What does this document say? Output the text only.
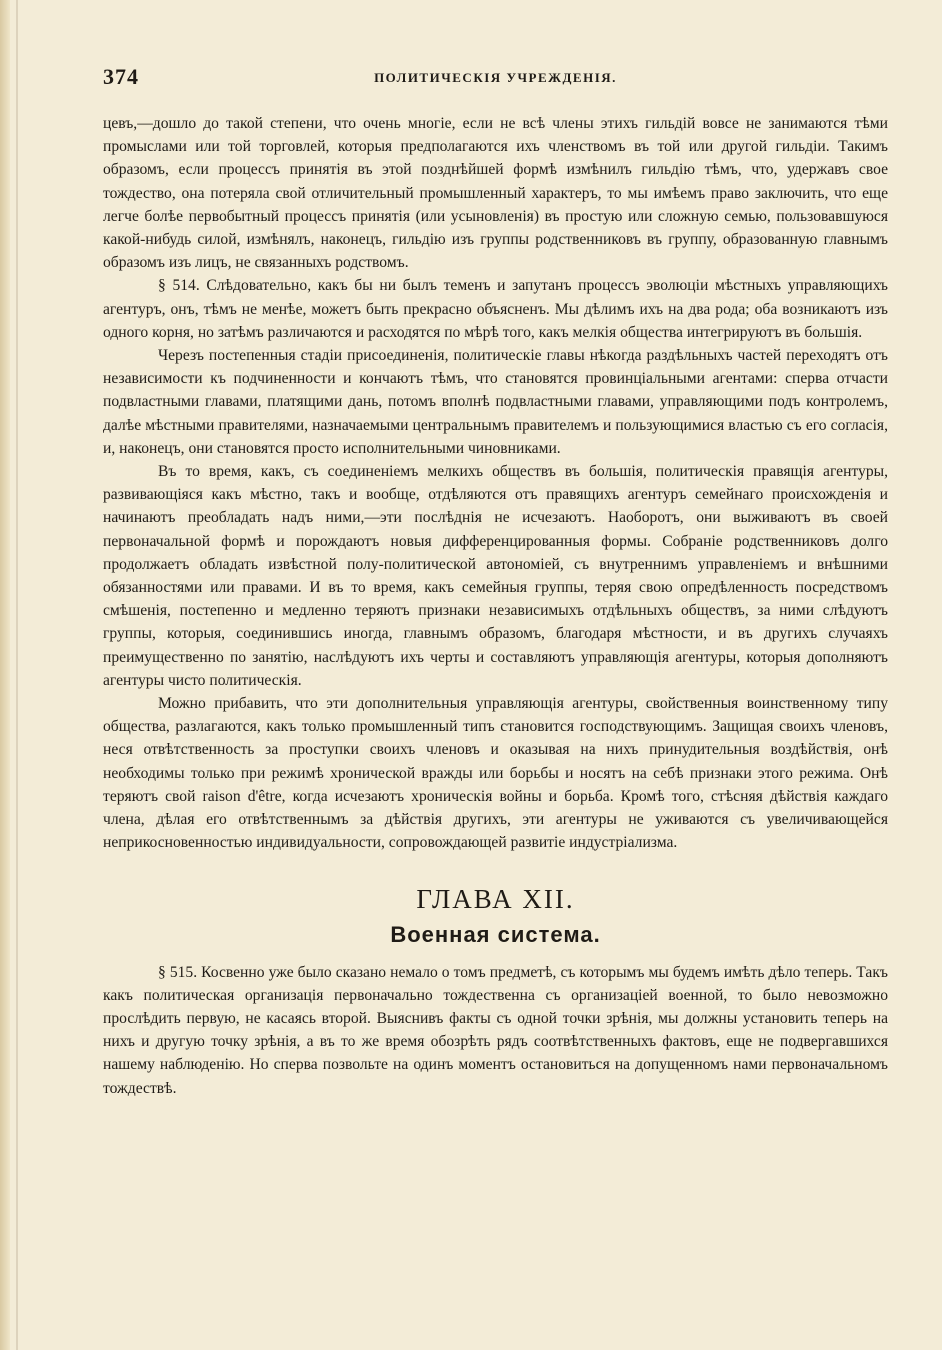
374	ПОЛИТИЧЕСКІЯ УЧРЕЖДЕНІЯ.

цевъ,—дошло до такой степени, что очень многіе, если не всѣ члены этихъ гильдій вовсе не занимаются тѣми промыслами или той торговлей, которыя предполагаются ихъ членствомъ въ той или другой гильдіи. Такимъ образомъ, если процессъ принятія въ этой позднѣйшей формѣ измѣнилъ гильдію тѣмъ, что, удержавъ свое тождество, она потеряла свой отличительный промышленный характеръ, то мы имѣемъ право заключить, что еще легче болѣе первобытный процессъ принятія (или усыновленія) въ простую или сложную семью, пользовавшуюся какой-нибудь силой, измѣнялъ, наконецъ, гильдію изъ группы родственниковъ въ группу, образованную главнымъ образомъ изъ лицъ, не связанныхъ родствомъ.

§ 514. Слѣдовательно, какъ бы ни былъ теменъ и запутанъ процессъ эволюціи мѣстныхъ управляющихъ агентуръ, онъ, тѣмъ не менѣе, можетъ быть прекрасно объясненъ. Мы дѣлимъ ихъ на два рода; оба возникаютъ изъ одного корня, но затѣмъ различаются и расходятся по мѣрѣ того, какъ мелкія общества интегрируютъ въ большія.

Черезъ постепенныя стадіи присоединенія, политическіе главы нѣкогда раздѣльныхъ частей переходятъ отъ независимости къ подчиненности и кончаютъ тѣмъ, что становятся провинціальными агентами: сперва отчасти подвластными главами, платящими дань, потомъ вполнѣ подвластными главами, управляющими подъ контролемъ, далѣе мѣстными правителями, назначаемыми центральнымъ правителемъ и пользующимися властью съ его согласія, и, наконецъ, они становятся просто исполнительными чиновниками.

Въ то время, какъ, съ соединеніемъ мелкихъ обществъ въ большія, политическія правящія агентуры, развивающіяся какъ мѣстно, такъ и вообще, отдѣляются отъ правящихъ агентуръ семейнаго происхожденія и начинаютъ преобладать надъ ними,—эти послѣднія не исчезаютъ. Наоборотъ, они выживаютъ въ своей первоначальной формѣ и порождаютъ новыя дифференцированныя формы. Собраніе родственниковъ долго продолжаетъ обладать извѣстной полу-политической автономіей, съ внутреннимъ управленіемъ и внѣшними обязанностями или правами. И въ то время, какъ семейныя группы, теряя свою опредѣленность посредствомъ смѣшенія, постепенно и медленно теряютъ признаки независимыхъ отдѣльныхъ обществъ, за ними слѣдуютъ группы, которыя, соединившись иногда, главнымъ образомъ, благодаря мѣстности, и въ другихъ случаяхъ преимущественно по занятію, наслѣдуютъ ихъ черты и составляютъ управляющія агентуры, которыя дополняютъ агентуры чисто политическія.

Можно прибавить, что эти дополнительныя управляющія агентуры, свойственныя воинственному типу общества, разлагаются, какъ только промышленный типъ становится господствующимъ. Защищая своихъ членовъ, неся отвѣтственность за проступки своихъ членовъ и оказывая на нихъ принудительныя воздѣйствія, онѣ необходимы только при режимѣ хронической вражды или борьбы и носятъ на себѣ признаки этого режима. Онѣ теряютъ свой raison d'être, когда исчезаютъ хроническія войны и борьба. Кромѣ того, стѣсняя дѣйствія каждаго члена, дѣлая его отвѣтственнымъ за дѣйствія другихъ, эти агентуры не уживаются съ увеличивающейся неприкосновенностью индивидуальности, сопровождающей развитіе индустріализма.

ГЛАВА XII.
Военная система.

§ 515. Косвенно уже было сказано немало о томъ предметѣ, съ которымъ мы будемъ имѣть дѣло теперь. Такъ какъ политическая организація первоначально тождественна съ организаціей военной, то было невозможно прослѣдить первую, не касаясь второй. Выяснивъ факты съ одной точки зрѣнія, мы должны установить теперь на нихъ и другую точку зрѣнія, а въ то же время обозрѣть рядъ соотвѣтственныхъ фактовъ, еще не подвергавшихся нашему наблюденію. Но сперва позвольте на одинъ моментъ остановиться на допущенномъ нами первоначальномъ тождествѣ.
